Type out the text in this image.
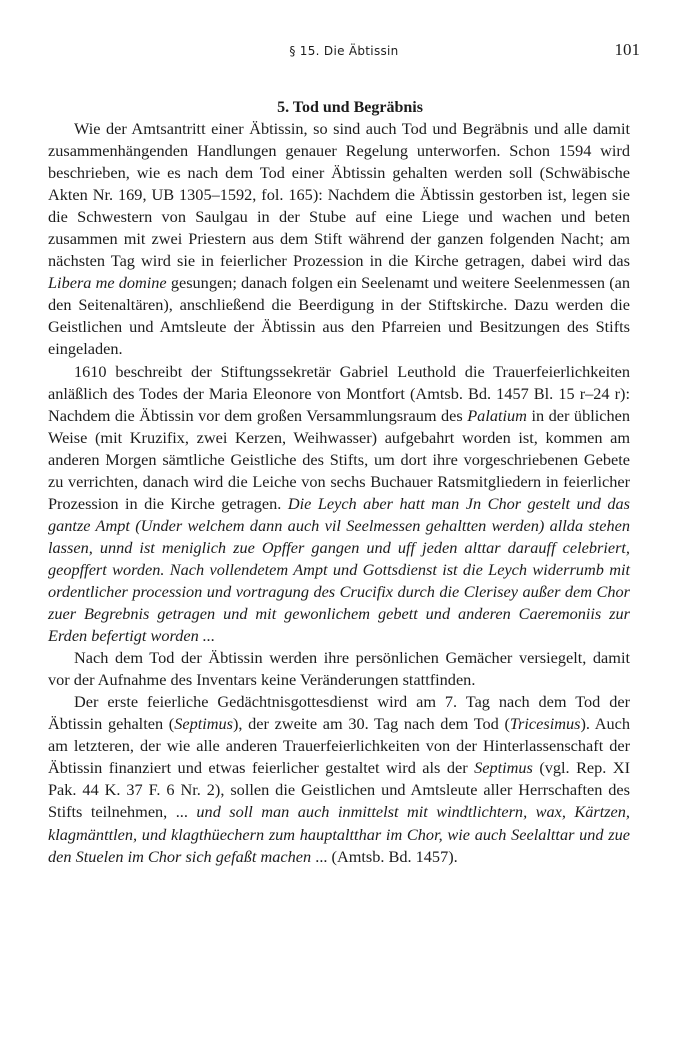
§ 15. Die Äbtissin	101
5. Tod und Begräbnis

Wie der Amtsantritt einer Äbtissin, so sind auch Tod und Begräbnis und alle damit zusammenhängenden Handlungen genauer Regelung unterworfen. Schon 1594 wird beschrieben, wie es nach dem Tod einer Äbtissin gehalten werden soll (Schwäbische Akten Nr. 169, UB 1305–1592, fol. 165): Nachdem die Äbtissin gestorben ist, legen sie die Schwestern von Saulgau in der Stube auf eine Liege und wachen und beten zusammen mit zwei Priestern aus dem Stift während der ganzen folgenden Nacht; am nächsten Tag wird sie in feierlicher Prozession in die Kirche getragen, dabei wird das Libera me domine gesungen; danach folgen ein Seelenamt und weitere Seelenmessen (an den Seitenaltären), anschließend die Beerdigung in der Stiftskirche. Dazu werden die Geistlichen und Amtsleute der Äbtissin aus den Pfarreien und Besitzungen des Stifts eingeladen.

1610 beschreibt der Stiftungssekretär Gabriel Leuthold die Trauerfeierlichkeiten anläßlich des Todes der Maria Eleonore von Montfort (Amtsb. Bd. 1457 Bl. 15 r–24 r): Nachdem die Äbtissin vor dem großen Versammlungsraum des Palatium in der üblichen Weise (mit Kruzifix, zwei Kerzen, Weihwasser) aufgebahrt worden ist, kommen am anderen Morgen sämtliche Geistliche des Stifts, um dort ihre vorgeschriebenen Gebete zu verrichten, danach wird die Leiche von sechs Buchauer Ratsmitgliedern in feierlicher Prozession in die Kirche getragen. Die Leych aber hatt man Jn Chor gestelt und das gantze Ampt (Under welchem dann auch vil Seelmessen gehaltten werden) allda stehen lassen, unnd ist meniglich zue Opffer gangen und uff jeden alttar darauff celebriert, geopffert worden. Nach vollendetem Ampt und Gottsdienst ist die Leych widerrumb mit ordentlicher procession und vortragung des Crucifix durch die Clerisey außer dem Chor zuer Begrebnis getragen und mit gewonlichem gebett und anderen Caeremoniis zur Erden befertigt worden ...

Nach dem Tod der Äbtissin werden ihre persönlichen Gemächer versiegelt, damit vor der Aufnahme des Inventars keine Veränderungen stattfinden.

Der erste feierliche Gedächtnisgottesdienst wird am 7. Tag nach dem Tod der Äbtissin gehalten (Septimus), der zweite am 30. Tag nach dem Tod (Tricesimus). Auch am letzteren, der wie alle anderen Trauerfeierlichkeiten von der Hinterlassenschaft der Äbtissin finanziert und etwas feierlicher gestaltet wird als der Septimus (vgl. Rep. XI Pak. 44 K. 37 F. 6 Nr. 2), sollen die Geistlichen und Amtsleute aller Herrschaften des Stifts teilnehmen, ... und soll man auch inmittelst mit windtlichtern, wax, Kärtzen, klagmänttlen, und klagthüechern zum hauptaltthar im Chor, wie auch Seelalttar und zue den Stuelen im Chor sich gefaßt machen ... (Amtsb. Bd. 1457).
